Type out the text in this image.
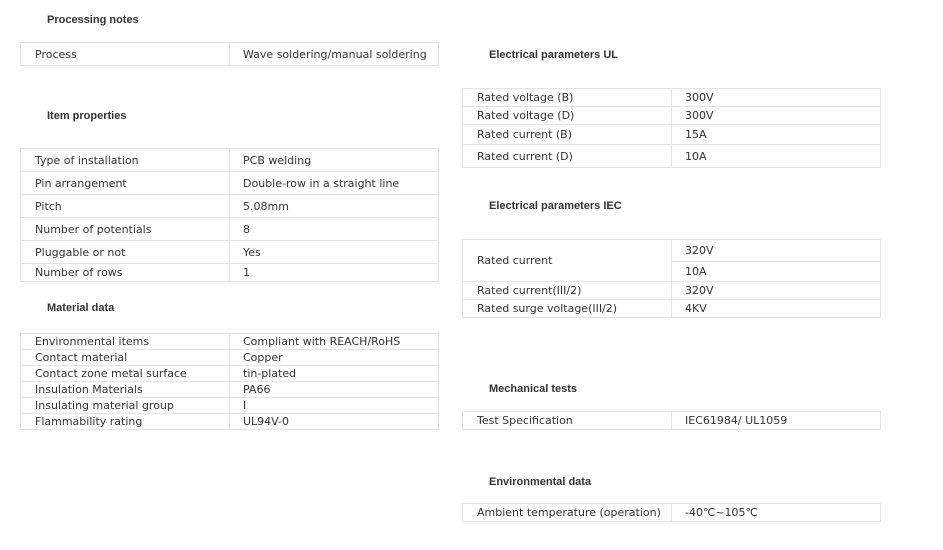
Processing notes
Process	Wave soldering/manual soldering
Item properties
Type of installation	PCB welding
Pin arrangement	Double-row in a straight line
Pitch	5.08mm
Number of potentials	8
Pluggable or not	Yes
Number of rows	1
Material data
Environmental items	Compliant with REACH/RoHS
Contact material	Copper
Contact zone metal surface	tin-plated
Insulation Materials	PA66
Insulating material group	Ⅰ
Flammability rating	UL94V-0
Electrical parameters UL
Rated voltage (B)	300V
Rated voltage (D)	300V
Rated current (B)	15A
Rated current (D)	10A
Electrical parameters IEC
Rated current	320V
	10A
Rated current(III/2)	320V
Rated surge voltage(III/2)	4KV
Mechanical tests
Test Specification	IEC61984/ UL1059
Environmental data
Ambient temperature (operation)	-40℃~105℃
